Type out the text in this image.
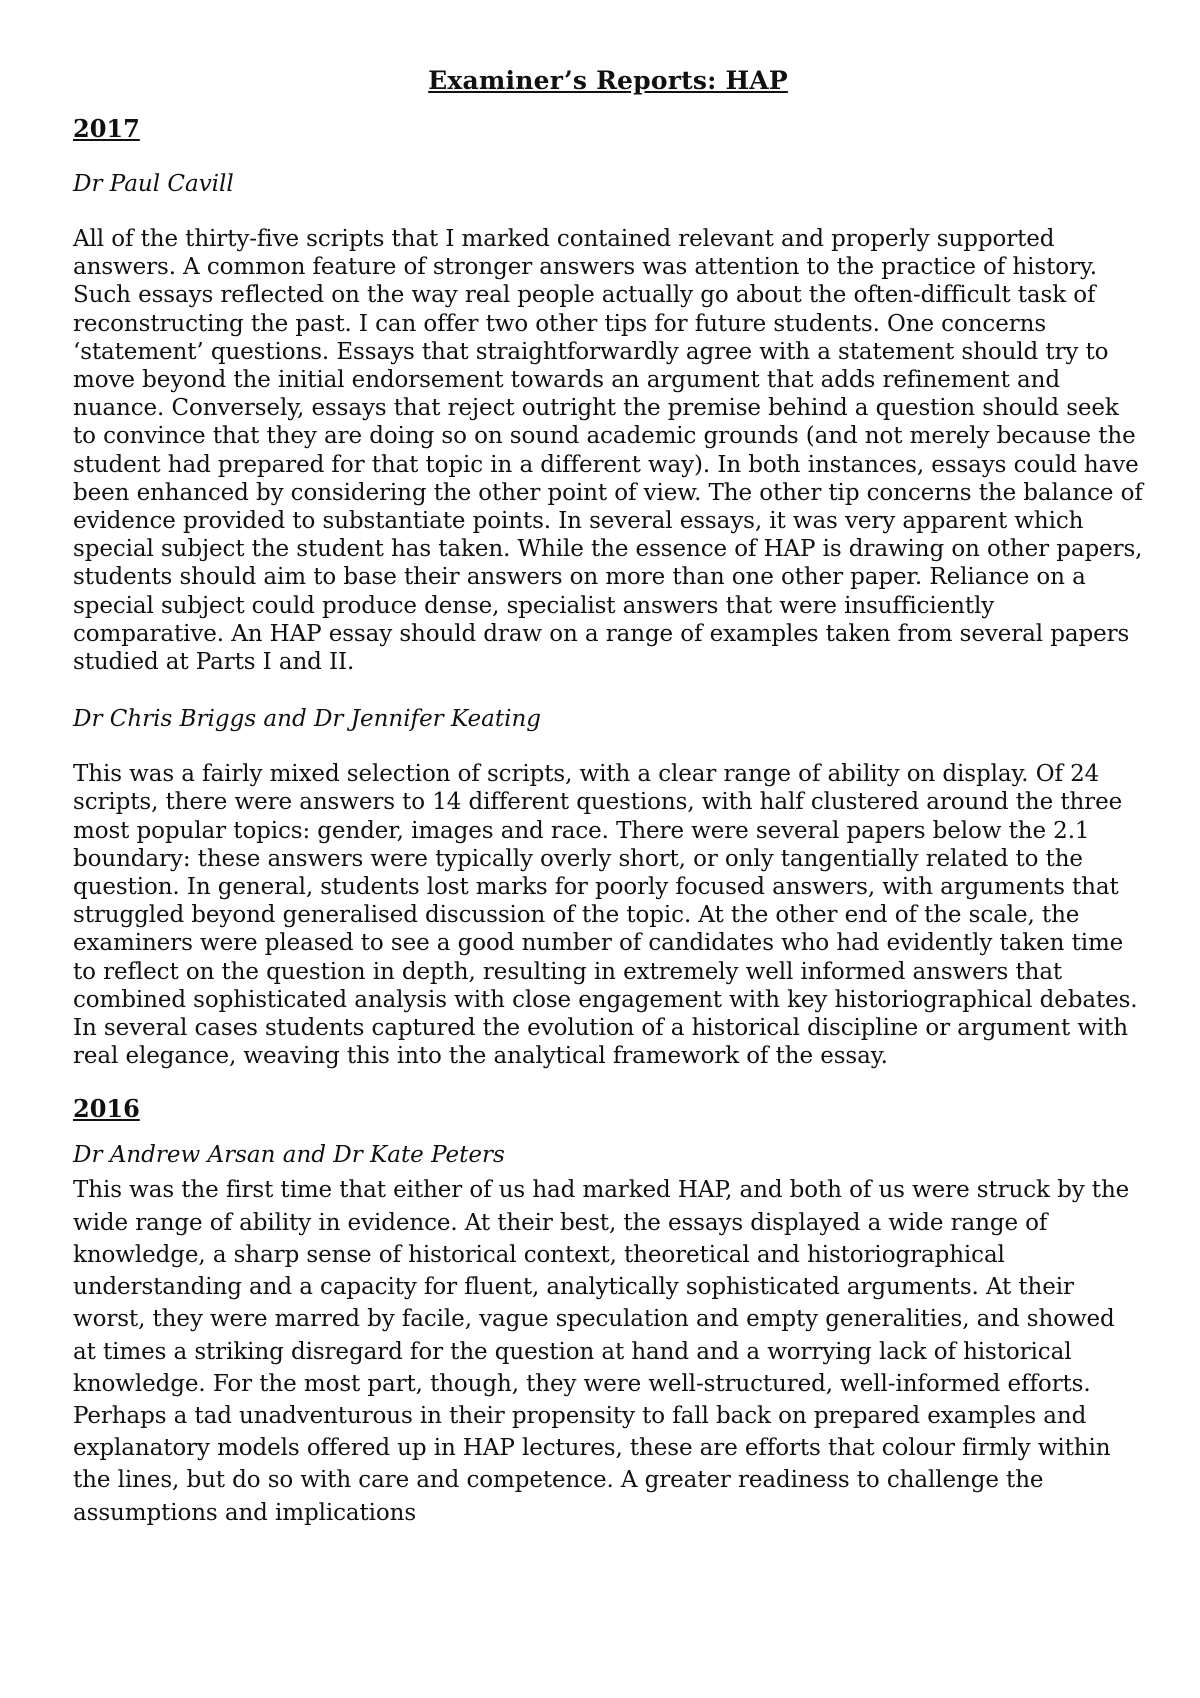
Examiner’s Reports: HAP
2017

Dr Paul Cavill

All of the thirty-five scripts that I marked contained relevant and properly supported answers. A common feature of stronger answers was attention to the practice of history. Such essays reflected on the way real people actually go about the often-difficult task of reconstructing the past. I can offer two other tips for future students. One concerns ‘statement’ questions. Essays that straightforwardly agree with a statement should try to move beyond the initial endorsement towards an argument that adds refinement and nuance. Conversely, essays that reject outright the premise behind a question should seek to convince that they are doing so on sound academic grounds (and not merely because the student had prepared for that topic in a different way). In both instances, essays could have been enhanced by considering the other point of view. The other tip concerns the balance of evidence provided to substantiate points. In several essays, it was very apparent which special subject the student has taken. While the essence of HAP is drawing on other papers, students should aim to base their answers on more than one other paper. Reliance on a special subject could produce dense, specialist answers that were insufficiently comparative. An HAP essay should draw on a range of examples taken from several papers studied at Parts I and II.

Dr Chris Briggs and Dr Jennifer Keating

This was a fairly mixed selection of scripts, with a clear range of ability on display. Of 24 scripts, there were answers to 14 different questions, with half clustered around the three most popular topics: gender, images and race. There were several papers below the 2.1 boundary: these answers were typically overly short, or only tangentially related to the question. In general, students lost marks for poorly focused answers, with arguments that struggled beyond generalised discussion of the topic. At the other end of the scale, the examiners were pleased to see a good number of candidates who had evidently taken time to reflect on the question in depth, resulting in extremely well informed answers that combined sophisticated analysis with close engagement with key historiographical debates. In several cases students captured the evolution of a historical discipline or argument with real elegance, weaving this into the analytical framework of the essay.

2016

Dr Andrew Arsan and Dr Kate Peters

This was the first time that either of us had marked HAP, and both of us were struck by the wide range of ability in evidence. At their best, the essays displayed a wide range of knowledge, a sharp sense of historical context, theoretical and historiographical understanding and a capacity for fluent, analytically sophisticated arguments. At their worst, they were marred by facile, vague speculation and empty generalities, and showed at times a striking disregard for the question at hand and a worrying lack of historical knowledge. For the most part, though, they were well-structured, well-informed efforts. Perhaps a tad unadventurous in their propensity to fall back on prepared examples and explanatory models offered up in HAP lectures, these are efforts that colour firmly within the lines, but do so with care and competence. A greater readiness to challenge the assumptions and implications
